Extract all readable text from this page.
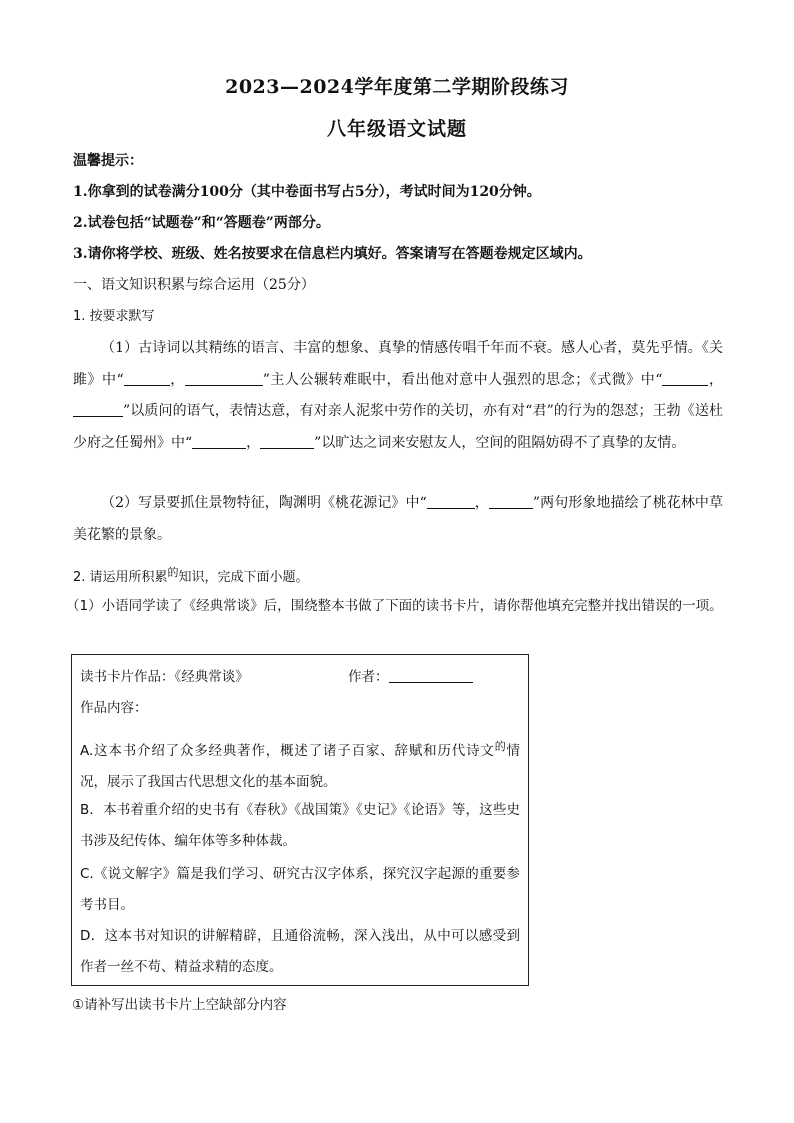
2023—2024学年度第二学期阶段练习
八年级语文试题
温馨提示：
1.你拿到的试卷满分100分（其中卷面书写占5分），考试时间为120分钟。
2.试卷包括“试题卷”和“答题卷”两部分。
3.请你将学校、班级、姓名按要求在信息栏内填好。答案请写在答题卷规定区域内。
一、语文知识积累与综合运用（25分）
1. 按要求默写
（1）古诗词以其精练的语言、丰富的想象、真挚的情感传唱千年而不衰。感人心者，莫先乎情。《关雎》中“	，	”主人公辗转难眠中，看出他对意中人强烈的思念；《式微》中“	，”以质问的语气，表情达意，有对亲人泥浆中劳作的关切，亦有对“君”的行为的怨怼；王勃《送杜少府之任蜀州》中“	，	”以旷达之词来安慰友人，空间的阻隔妨碍不了真挚的友情。
（2）写景要抓住景物特征，陶渊明《桃花源记》中“	，	”两句形象地描绘了桃花林中草美花繁的景象。
2. 请运用所积累$^的$知识，完成下面小题。
（1）小语同学读了《经典常谈》后，围绕整本书做了下面的读书卡片，请你帮他填充完整并找出错误的一项。
读书卡片作品：《经典常谈》	作者：
作品内容：
A.这本书介绍了众多经典著作，概述了诸子百家、辞赋和历代诗文$^的$情况，展示了我国古代思想文化的基本面貌。
B．本书着重介绍的史书有《春秋》《战国策》《史记》《论语》等，这些史书涉及纪传体、编年体等多种体裁。
C.《说文解字》篇是我们学习、研究古汉字体系，探究汉字起源的重要参考书目。
D．这本书对知识的讲解精辟，且通俗流畅，深入浅出，从中可以感受到作者一丝不苟、精益求精的态度。
①请补写出读书卡片上空缺部分内容
